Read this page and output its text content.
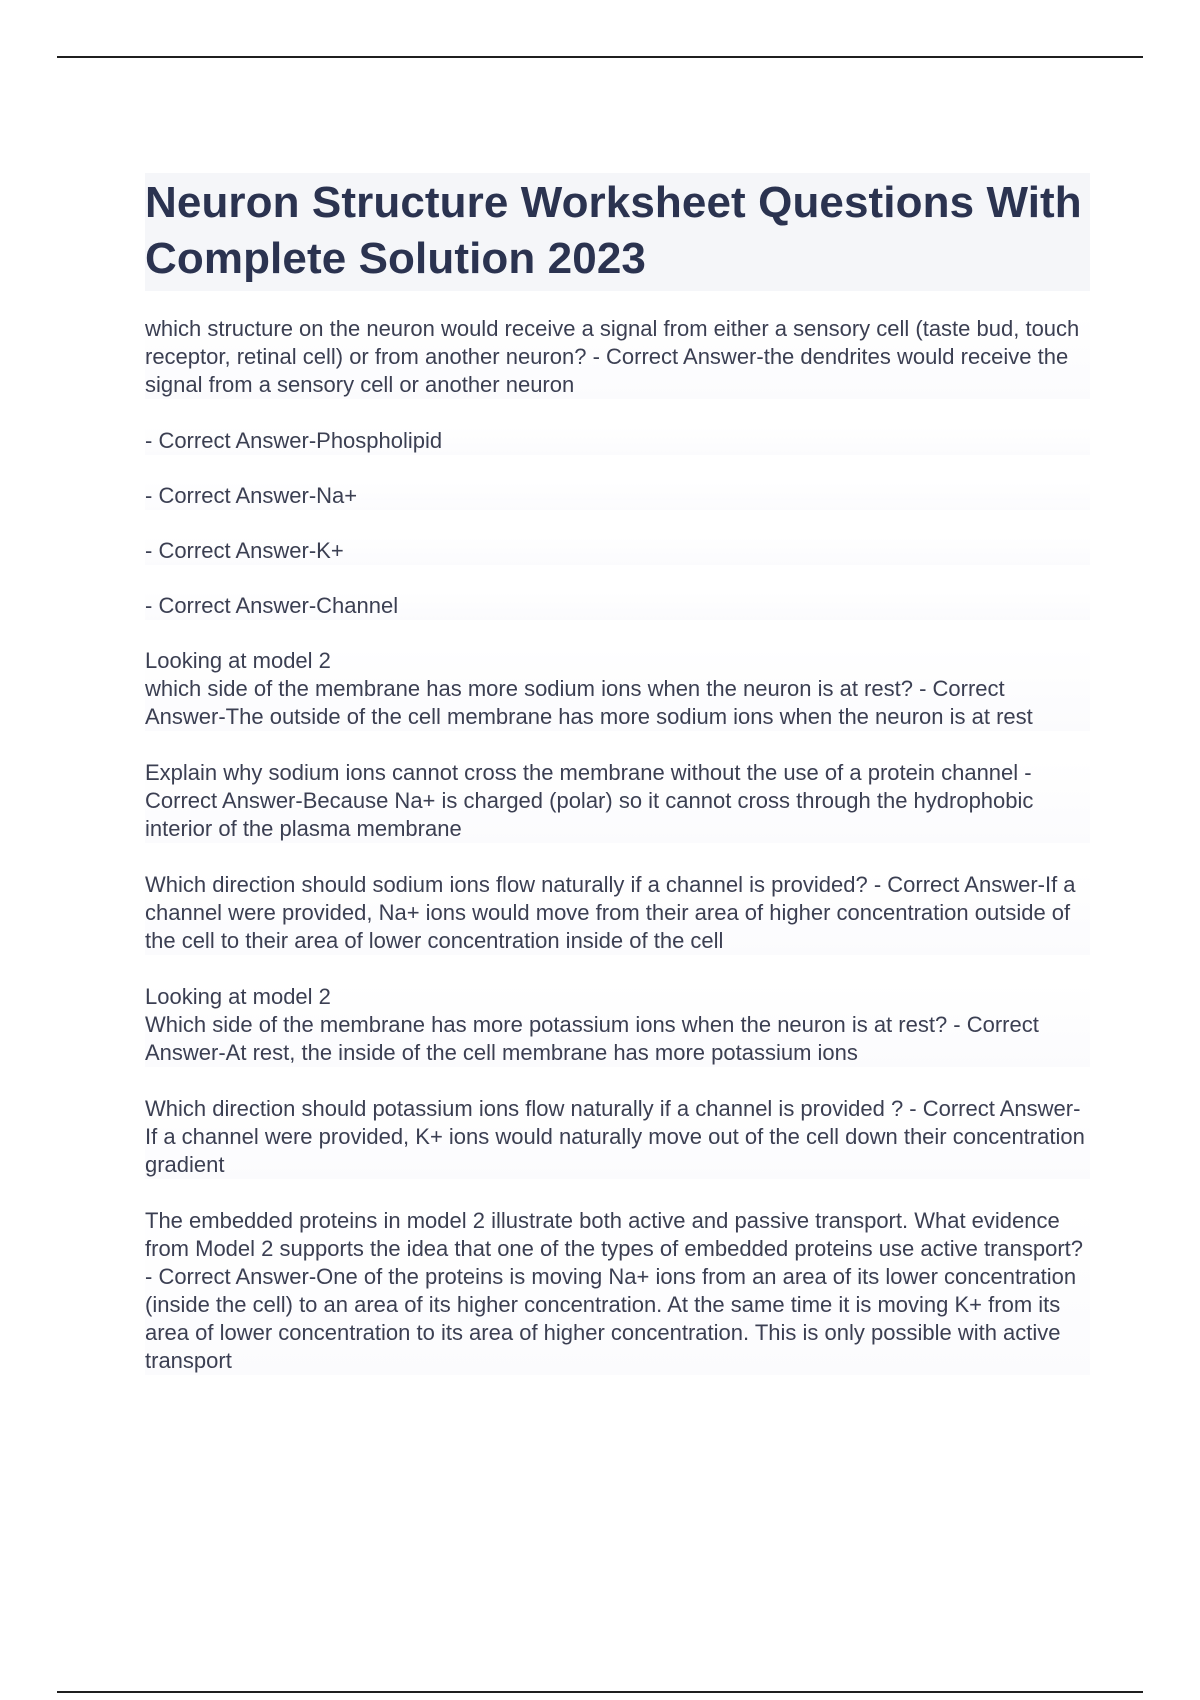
Neuron Structure Worksheet Questions With Complete Solution 2023

which structure on the neuron would receive a signal from either a sensory cell (taste bud, touch receptor, retinal cell) or from another neuron? - Correct Answer-the dendrites would receive the signal from a sensory cell or another neuron

- Correct Answer-Phospholipid

- Correct Answer-Na+

- Correct Answer-K+

- Correct Answer-Channel

Looking at model 2
which side of the membrane has more sodium ions when the neuron is at rest? - Correct Answer-The outside of the cell membrane has more sodium ions when the neuron is at rest

Explain why sodium ions cannot cross the membrane without the use of a protein channel - Correct Answer-Because Na+ is charged (polar) so it cannot cross through the hydrophobic interior of the plasma membrane

Which direction should sodium ions flow naturally if a channel is provided? - Correct Answer-If a channel were provided, Na+ ions would move from their area of higher concentration outside of the cell to their area of lower concentration inside of the cell

Looking at model 2
Which side of the membrane has more potassium ions when the neuron is at rest? - Correct Answer-At rest, the inside of the cell membrane has more potassium ions

Which direction should potassium ions flow naturally if a channel is provided ? - Correct Answer-If a channel were provided, K+ ions would naturally move out of the cell down their concentration gradient

The embedded proteins in model 2 illustrate both active and passive transport. What evidence from Model 2 supports the idea that one of the types of embedded proteins use active transport? - Correct Answer-One of the proteins is moving Na+ ions from an area of its lower concentration (inside the cell) to an area of its higher concentration. At the same time it is moving K+ from its area of lower concentration to its area of higher concentration. This is only possible with active transport
